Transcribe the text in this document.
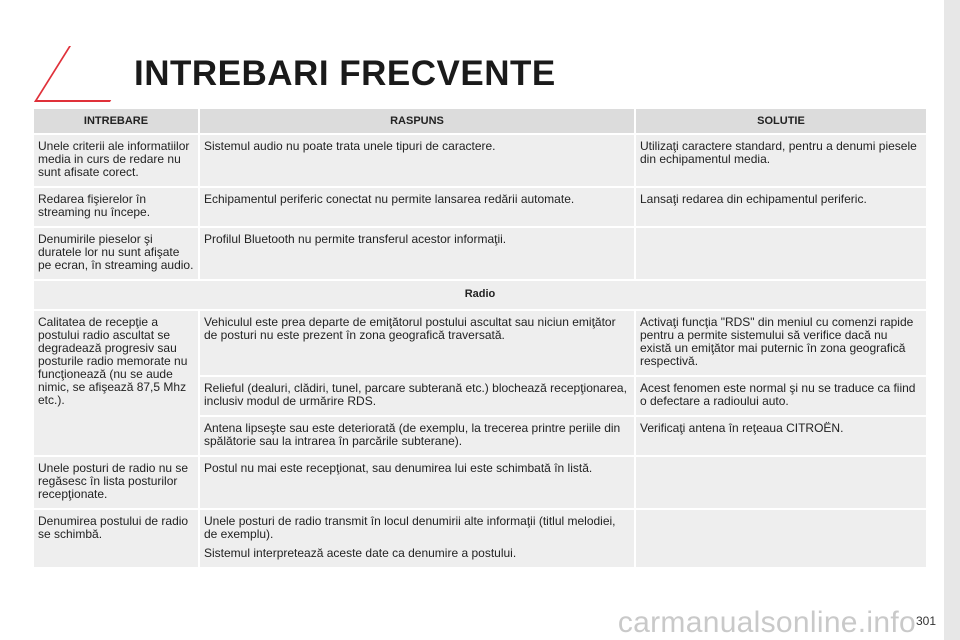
INTREBARI FRECVENTE
INTREBARE	RASPUNS	SOLUTIE
Unele criterii ale informatiilor media in curs de redare nu sunt afisate corect.	Sistemul audio nu poate trata unele tipuri de caractere.	Utilizaţi caractere standard, pentru a denumi piesele din echipamentul media.
Redarea fişierelor în streaming nu începe.	Echipamentul periferic conectat nu permite lansarea redării automate.	Lansaţi redarea din echipamentul periferic.
Denumirile pieselor şi duratele lor nu sunt afişate pe ecran, în streaming audio.	Profilul Bluetooth nu permite transferul acestor informaţii.	
Radio		
Calitatea de recepţie a postului radio ascultat se degradează progresiv sau posturile radio memorate nu funcţionează (nu se aude nimic, se afişează 87,5 Mhz etc.).	Vehiculul este prea departe de emiţătorul postului ascultat sau niciun emiţător de posturi nu este prezent în zona geografică traversată.	Activaţi funcţia "RDS" din meniul cu comenzi rapide pentru a permite sistemului să verifice dacă nu există un emiţător mai puternic în zona geografică respectivă.
	Relieful (dealuri, clădiri, tunel, parcare subterană etc.) blochează recepţionarea, inclusiv modul de urmărire RDS.	Acest fenomen este normal şi nu se traduce ca fiind o defectare a radioului auto.
	Antena lipseşte sau este deteriorată (de exemplu, la trecerea printre periile din spălătorie sau la intrarea în parcările subterane).	Verificaţi antena în reţeaua CITROËN.
Unele posturi de radio nu se regăsesc în lista posturilor recepţionate.	Postul nu mai este recepţionat, sau denumirea lui este schimbată în listă.	
Denumirea postului de radio se schimbă.	Unele posturi de radio transmit în locul denumirii alte informaţii (titlul melodiei, de exemplu).

Sistemul interpretează aceste date ca denumire a postului.	

carmanualsonline.info 301
